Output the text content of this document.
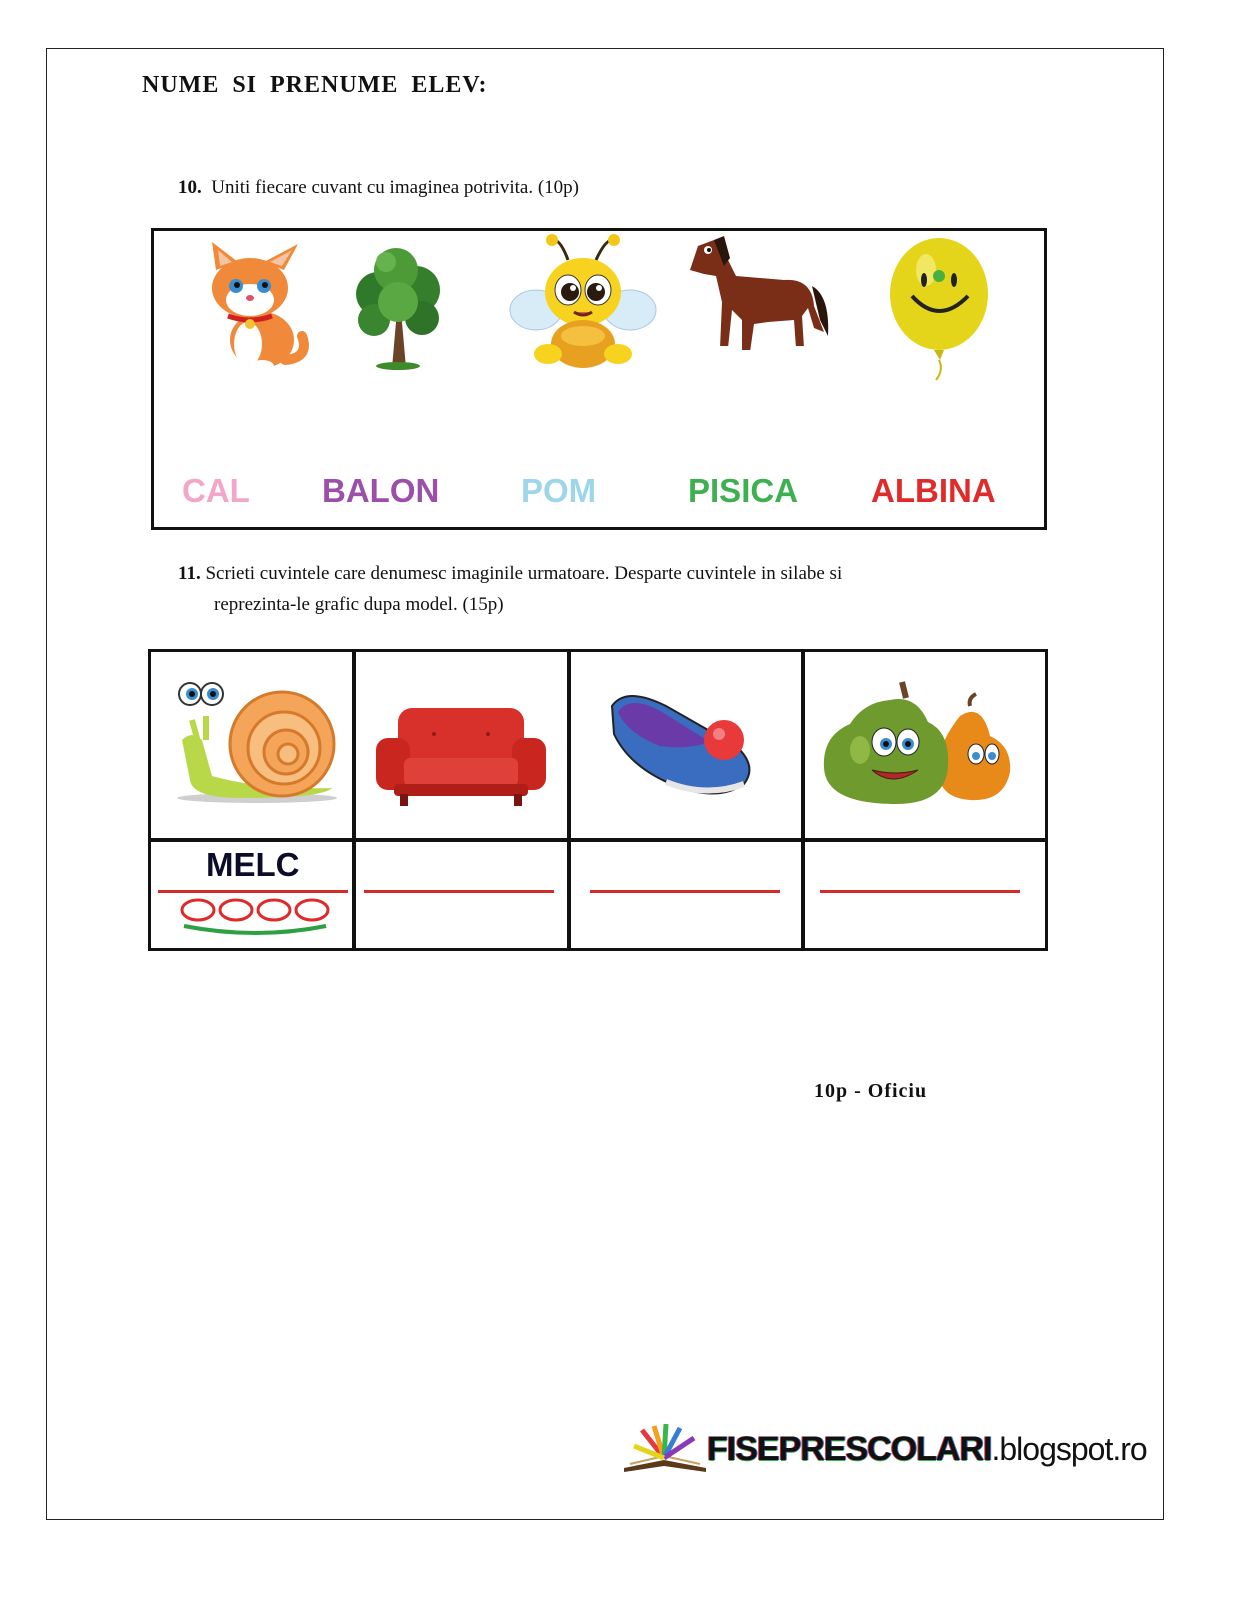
NUME SI PRENUME ELEV:
10. Uniti fiecare cuvant cu imaginea potrivita. (10p)
CAL BALON POM	PISICA ALBINA
11. Scrieti cuvintele care denumesc imaginile urmatoare. Desparte cuvintele in silabe si
reprezinta-le grafic dupa model. (15p)
MELC
10p - Oficiu
FISEPRESCOLARI.blogspot.ro
